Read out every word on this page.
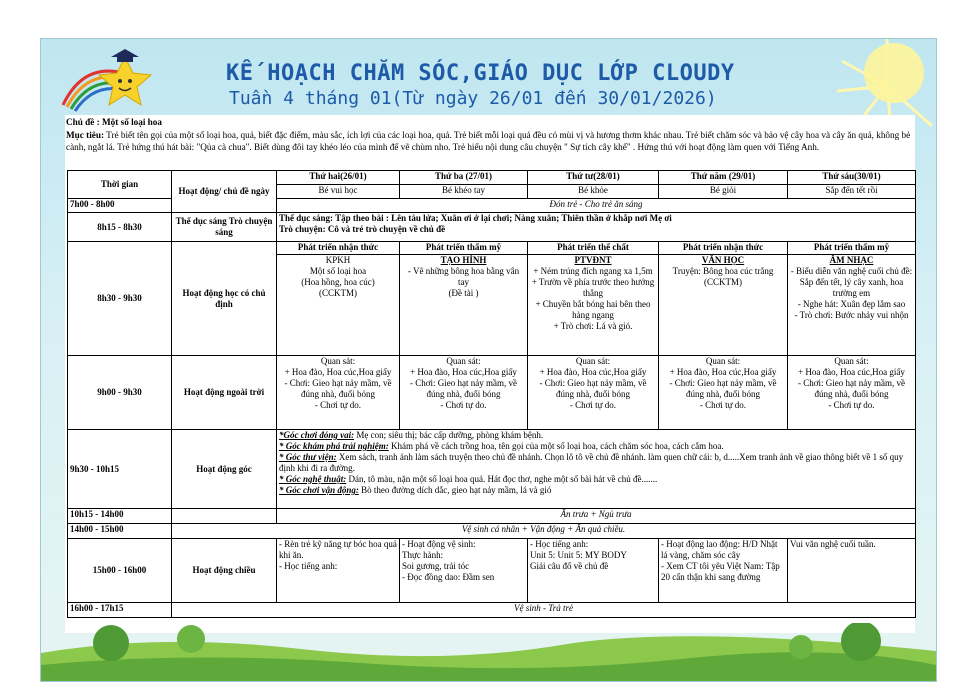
KẾ HOẠCH CHĂM SÓC,GIÁO DỤC LỚP CLOUDY
Tuần 4 tháng 01(Từ ngày 26/01 đến 30/01/2026)
Chủ đề : Một số loại hoa
Mục tiêu: Trẻ biết tên gọi của một số loại hoa, quả, biết đặc điểm, màu sắc, ích lợi của các loại hoa, quả. Trẻ biết mỗi loại quả đều có mùi vị và hương thơm khác nhau. Trẻ biết chăm sóc và bảo vệ cây hoa và cây ăn quả, không bẻ cành, ngắt lá. Trẻ hứng thú hát bài: "Qủa cà chua". Biết dùng đôi tay khéo léo của mình để vẽ chùm nho. Trẻ hiểu nội dung câu chuyện " Sự tích cây khế" . Hứng thú với hoạt động làm quen với Tiếng Anh.
Thời gian	Hoạt động/ chủ đề ngày	Thứ hai(26/01)	Thứ ba (27/01)	Thứ tư(28/01)	Thứ năm (29/01)	Thứ sáu(30/01)
		Bé vui học	Bé khéo tay	Bé khỏe	Bé giỏi	Sắp đến tết rồi
7h00 - 8h00		Đón trẻ - Cho trẻ ăn sáng				
8h15 - 8h30	Thể dục sáng Trò chuyện sáng	Thể dục sáng: Tập theo bài : Lên tàu lửa; Xuân ơi ở lại chơi; Nàng xuân; Thiên thần ở khắp nơi Mẹ ơi
Trò chuyện: Cô và trẻ trò chuyện về chủ đề				

8h30 - 9h30	Hoạt động học có chủ định	Phát triển nhận thức	Phát triển thẩm mỹ	Phát triển thể chất	Phát triển nhận thức	Phát triển thẩm mỹ

		KPKH
Một số loại hoa
(Hoa hồng, hoa cúc)
(CCKTM)	TẠO HÌNH
- Vẽ những bông hoa bằng vân tay
(Đề tài )	PTVĐNT
+ Ném trúng đích ngang xa 1,5m
+ Trườn về phía trước theo hướng thẳng
+ Chuyền bắt bóng hai bên theo hàng ngang
+ Trò chơi: Lá và gió.	VĂN HỌC
Truyện: Bông hoa cúc trắng
(CCKTM)	ÂM NHẠC
- Biểu diễn văn nghệ cuối chủ đề: Sắp đến tết, lý cây xanh, hoa trường em
- Nghe hát: Xuân đẹp lắm sao
- Trò chơi: Bước nhảy vui nhộn

9h00 - 9h30	Hoạt động ngoài trời	Quan sát:
+ Hoa đào, Hoa cúc,Hoa giấy
- Chơi: Gieo hạt nảy mầm, về đúng nhà, đuổi bóng
- Chơi tự do.	Quan sát:
+ Hoa đào, Hoa cúc,Hoa giấy
- Chơi: Gieo hạt nảy mầm, về đúng nhà, đuổi bóng
- Chơi tự do.	Quan sát:
+ Hoa đào, Hoa cúc,Hoa giấy
- Chơi: Gieo hạt nảy mầm, về đúng nhà, đuổi bóng
- Chơi tự do.	Quan sát:
+ Hoa đào, Hoa cúc,Hoa giấy
- Chơi: Gieo hạt nảy mầm, về đúng nhà, đuổi bóng
- Chơi tự do.	Quan sát:
+ Hoa đào, Hoa cúc,Hoa giấy
- Chơi: Gieo hạt nảy mầm, về đúng nhà, đuổi bóng
- Chơi tự do.

9h30 - 10h15	Hoạt động góc	*Góc chơi đóng vai: Mẹ con; siêu thị; bác cấp dưỡng, phòng khám bệnh.
* Góc khám phá trải nghiệm: Khám phá về cách trồng hoa, tên gọi của một số loại hoa, cách chăm sóc hoa, cách cắm hoa.
* Góc thư viện: Xem sách, tranh ảnh làm sách truyện theo chủ đề nhánh. Chọn lô tô về chủ đề nhánh. làm quen chữ cái: b, d.....Xem tranh ảnh về giao thông biết về 1 số quy định khi đi ra đường.
* Góc nghệ thuật: Dán, tô màu, nặn một số loại hoa quả. Hát đọc thơ, nghe một số bài hát về chủ đề.......
* Góc chơi vận động: Bò theo đường dích dắc, gieo hạt nảy mầm, lá và gió				

10h15 - 14h00		Ăn trưa + Ngủ trưa				
14h00 - 15h00	Vệ sinh cá nhân + Vận động + Ăn quả chiều.					
15h00 - 16h00	Hoạt động chiều	- Rèn trẻ kỹ năng tự bóc hoa quả khi ăn.
- Học tiếng anh:	- Hoạt động vệ sinh:
Thực hành:
Soi gương, trải tóc
- Đọc đồng dao: Đầm sen	- Học tiếng anh:
Unit 5: Unit 5: MY BODY
Giải câu đố về chủ đề	- Hoạt động lao động: H/D Nhặt lá vàng, chăm sóc cây
- Xem CT tôi yêu Việt Nam: Tập 20 cẩn thận khi sang đường	Vui văn nghệ cuối tuần.

16h00 - 17h15	Vệ sinh - Trả trẻ					
